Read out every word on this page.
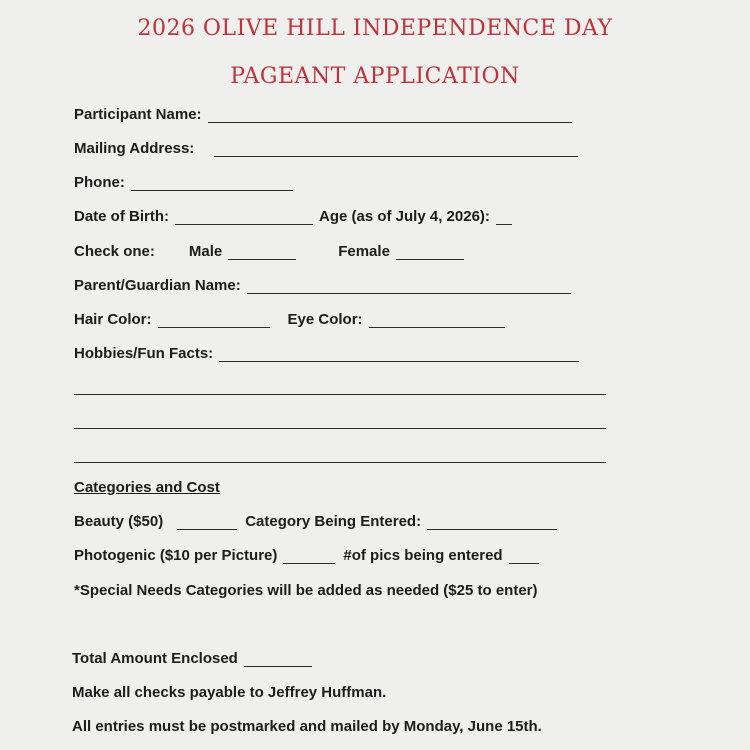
2026 OLIVE HILL INDEPENDENCE DAY
PAGEANT APPLICATION
Participant Name:
Mailing Address:
Phone:
Date of Birth:	Age (as of July 4, 2026):
Check one: Male	Female
Parent/Guardian Name:
Hair Color:	Eye Color:
Hobbies/Fun Facts:
Categories and Cost
Beauty ($50)	Category Being Entered:
Photogenic ($10 per Picture)	#of pics being entered
*Special Needs Categories will be added as needed ($25 to enter)
Total Amount Enclosed
Make all checks payable to Jeffrey Huffman.
All entries must be postmarked and mailed by Monday, June 15th.
